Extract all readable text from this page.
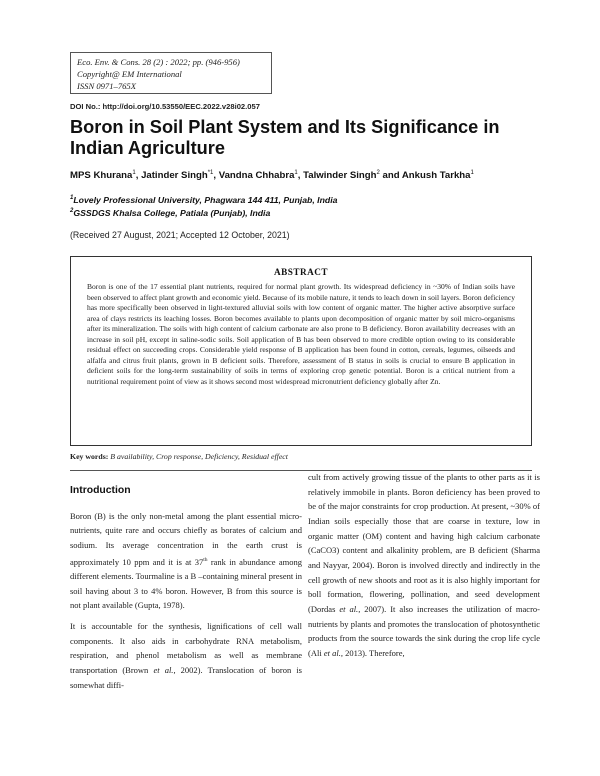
Eco. Env. & Cons. 28 (2) : 2022; pp. (946-956)
Copyright@ EM International
ISSN 0971–765X
DOI No.: http://doi.org/10.53550/EEC.2022.v28i02.057
Boron in Soil Plant System and Its Significance in Indian Agriculture
MPS Khurana$^1$, Jatinder Singh$^{*1}$, Vandna Chhabra$^1$, Talwinder Singh$^2$ and Ankush Tarkha$^1$
$^1$Lovely Professional University, Phagwara 144 411, Punjab, India
$^2$GSSDGS Khalsa College, Patiala (Punjab), India
(Received 27 August, 2021; Accepted 12 October, 2021)
ABSTRACT
Boron is one of the 17 essential plant nutrients, required for normal plant growth. Its widespread deficiency in ~30% of Indian soils have been observed to affect plant growth and economic yield. Because of its mobile nature, it tends to leach down in soil layers. Boron deficiency has more specifically been observed in light-textured alluvial soils with low content of organic matter. The higher active absorptive surface area of clays restricts its leaching losses. Boron becomes available to plants upon decomposition of organic matter by soil micro-organisms after its mineralization. The soils with high content of calcium carbonate are also prone to B deficiency. Boron availability decreases with an increase in soil pH, except in saline-sodic soils. Soil application of B has been observed to more credible option owing to its considerable residual effect on succeeding crops. Considerable yield response of B application has been found in cotton, cereals, legumes, oilseeds and alfalfa and citrus fruit plants, grown in B deficient soils. Therefore, assessment of B status in soils is crucial to ensure B application in deficient soils for the long-term sustainability of soils in terms of exploring crop genetic potential. Boron is a critical nutrient from a nutritional requirement point of view as it shows second most widespread micronutrient deficiency globally after Zn.
Key words: B availability, Crop response, Deficiency, Residual effect
Introduction

Boron (B) is the only non-metal among the plant essential micro-nutrients, quite rare and occurs chiefly as borates of calcium and sodium. Its average concentration in the earth crust is approximately 10 ppm and it is at 37th rank in abundance among different elements. Tourmaline is a B –containing mineral present in soil having about 3 to 4% boron. However, B from this source is not plant available (Gupta, 1978).

It is accountable for the synthesis, lignifications of cell wall components. It also aids in carbohydrate RNA metabolism, respiration, and phenol metabolism as well as membrane transportation (Brown et al., 2002). Translocation of boron is somewhat diffi-

cult from actively growing tissue of the plants to other parts as it is relatively immobile in plants. Boron deficiency has been proved to be of the major constraints for crop production. At present, ~30% of Indian soils especially those that are coarse in texture, low in organic matter (OM) content and having high calcium carbonate (CaCO3) content and alkalinity problem, are B deficient (Sharma and Nayyar, 2004). Boron is involved directly and indirectly in the cell growth of new shoots and root as it is also highly important for boll formation, flowering, pollination, and seed development (Dordas et al., 2007). It also increases the utilization of macro-nutrients by plants and promotes the translocation of photosynthetic products from the source towards the sink during the crop life cycle (Ali et al., 2013). Therefore,
